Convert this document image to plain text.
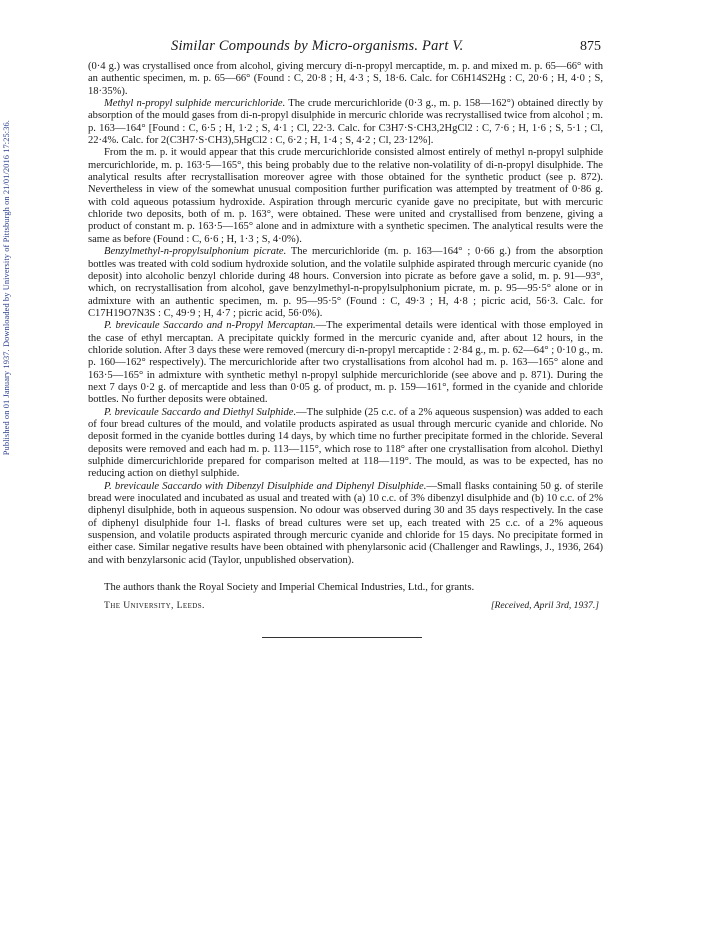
Published on 01 January 1937. Downloaded by University of Pittsburgh on 21/01/2016 17:25:36.
Similar Compounds by Micro-organisms. Part V.	875

(0·4 g.) was crystallised once from alcohol, giving mercury di-n-propyl mercaptide, m. p. and mixed m. p. 65—66° with an authentic specimen, m. p. 65—66° (Found : C, 20·8 ; H, 4·3 ; S, 18·6. Calc. for C6H14S2Hg : C, 20·6 ; H, 4·0 ; S, 18·35%).

Methyl n-propyl sulphide mercurichloride. The crude mercurichloride (0·3 g., m. p. 158—162°) obtained directly by absorption of the mould gases from di-n-propyl disulphide in mercuric chloride was recrystallised twice from alcohol ; m. p. 163—164° [Found : C, 6·5 ; H, 1·2 ; S, 4·1 ; Cl, 22·3. Calc. for C3H7·S·CH3,2HgCl2 : C, 7·6 ; H, 1·6 ; S, 5·1 ; Cl, 22·4%. Calc. for 2(C3H7·S·CH3),5HgCl2 : C, 6·2 ; H, 1·4 ; S, 4·2 ; Cl, 23·12%].

From the m. p. it would appear that this crude mercurichloride consisted almost entirely of methyl n-propyl sulphide mercurichloride, m. p. 163·5—165°, this being probably due to the relative non-volatility of di-n-propyl disulphide. The analytical results after recrystallisation moreover agree with those obtained for the synthetic product (see p. 872). Nevertheless in view of the somewhat unusual composition further purification was attempted by treatment of 0·86 g. with cold aqueous potassium hydroxide. Aspiration through mercuric cyanide gave no precipitate, but with mercuric chloride two deposits, both of m. p. 163°, were obtained. These were united and crystallised from benzene, giving a product of constant m. p. 163·5—165° alone and in admixture with a synthetic specimen. The analytical results were the same as before (Found : C, 6·6 ; H, 1·3 ; S, 4·0%).

Benzylmethyl-n-propylsulphonium picrate. The mercurichloride (m. p. 163—164° ; 0·66 g.) from the absorption bottles was treated with cold sodium hydroxide solution, and the volatile sulphide aspirated through mercuric cyanide (no deposit) into alcoholic benzyl chloride during 48 hours. Conversion into picrate as before gave a solid, m. p. 91—93°, which, on recrystallisation from alcohol, gave benzylmethyl-n-propylsulphonium picrate, m. p. 95—95·5° alone or in admixture with an authentic specimen, m. p. 95—95·5° (Found : C, 49·3 ; H, 4·8 ; picric acid, 56·3. Calc. for C17H19O7N3S : C, 49·9 ; H, 4·7 ; picric acid, 56·0%).

P. brevicaule Saccardo and n-Propyl Mercaptan.—The experimental details were identical with those employed in the case of ethyl mercaptan. A precipitate quickly formed in the mercuric cyanide and, after about 12 hours, in the chloride solution. After 3 days these were removed (mercury di-n-propyl mercaptide : 2·84 g., m. p. 62—64° ; 0·10 g., m. p. 160—162° respectively). The mercurichloride after two crystallisations from alcohol had m. p. 163—165° alone and 163·5—165° in admixture with synthetic methyl n-propyl sulphide mercurichloride (see above and p. 871). During the next 7 days 0·2 g. of mercaptide and less than 0·05 g. of product, m. p. 159—161°, formed in the cyanide and chloride bottles. No further deposits were obtained.

P. brevicaule Saccardo and Diethyl Sulphide.—The sulphide (25 c.c. of a 2% aqueous suspension) was added to each of four bread cultures of the mould, and volatile products aspirated as usual through mercuric cyanide and chloride. No deposit formed in the cyanide bottles during 14 days, by which time no further precipitate formed in the chloride. Several deposits were removed and each had m. p. 113—115°, which rose to 118° after one crystallisation from alcohol. Diethyl sulphide dimercurichloride prepared for comparison melted at 118—119°. The mould, as was to be expected, has no reducing action on diethyl sulphide.

P. brevicaule Saccardo with Dibenzyl Disulphide and Diphenyl Disulphide.—Small flasks containing 50 g. of sterile bread were inoculated and incubated as usual and treated with (a) 10 c.c. of 3% dibenzyl disulphide and (b) 10 c.c. of 2% diphenyl disulphide, both in aqueous suspension. No odour was observed during 30 and 35 days respectively. In the case of diphenyl disulphide four 1-l. flasks of bread cultures were set up, each treated with 25 c.c. of a 2% aqueous suspension, and volatile products aspirated through mercuric cyanide and chloride for 15 days. No precipitate formed in either case. Similar negative results have been obtained with phenylarsonic acid (Challenger and Rawlings, J., 1936, 264) and with benzylarsonic acid (Taylor, unpublished observation).

The authors thank the Royal Society and Imperial Chemical Industries, Ltd., for grants.
The University, Leeds.	[Received, April 3rd, 1937.]
